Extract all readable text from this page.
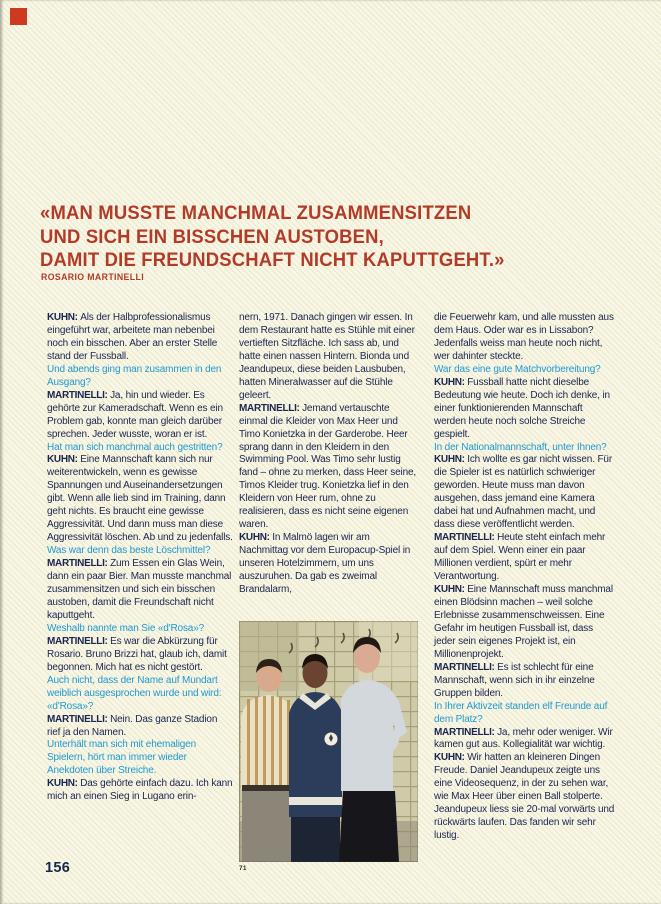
«MAN MUSSTE MANCHMAL ZUSAMMENSITZEN
UND SICH EIN BISSCHEN AUSTOBEN,
DAMIT DIE FREUNDSCHAFT NICHT KAPUTTGEHT.»
ROSARIO MARTINELLI

KUHN: Als der Halbprofessionalismus eingeführt war, arbeitete man nebenbei noch ein bisschen. Aber an erster Stelle stand der Fussball.

Und abends ging man zusammen in den Ausgang?

MARTINELLI: Ja, hin und wieder. Es gehörte zur Kameradschaft. Wenn es ein Problem gab, konnte man gleich darüber sprechen. Jeder wusste, woran er ist.

Hat man sich manchmal auch gestritten?

KUHN: Eine Mannschaft kann sich nur weiterentwickeln, wenn es gewisse Spannungen und Auseinandersetzungen gibt. Wenn alle lieb sind im Training, dann geht nichts. Es braucht eine gewisse Aggressivität. Und dann muss man diese Aggressivität löschen. Ab und zu jedenfalls.

Was war denn das beste Löschmittel?

MARTINELLI: Zum Essen ein Glas Wein, dann ein paar Bier. Man musste manchmal zusammensitzen und sich ein bisschen austoben, damit die Freundschaft nicht kaputtgeht.

Weshalb nannte man Sie «d'Rosa»?

MARTINELLI: Es war die Abkürzung für Rosario. Bruno Brizzi hat, glaub ich, damit begonnen. Mich hat es nicht gestört.

Auch nicht, dass der Name auf Mundart weiblich ausgesprochen wurde und wird: «d'Rosa»?

MARTINELLI: Nein. Das ganze Stadion rief ja den Namen.

Unterhält man sich mit ehemaligen Spielern, hört man immer wieder Anekdoten über Streiche.

KUHN: Das gehörte einfach dazu. Ich kann mich an einen Sieg in Lugano erin-

nern, 1971. Danach gingen wir essen. In dem Restaurant hatte es Stühle mit einer vertieften Sitzfläche. Ich sass ab, und hatte einen nassen Hintern. Bionda und Jeandupeux, diese beiden Lausbuben, hatten Mineralwasser auf die Stühle geleert.

MARTINELLI: Jemand vertauschte einmal die Kleider von Max Heer und Timo Konietzka in der Garderobe. Heer sprang dann in den Kleidern in den Swimming Pool. Was Timo sehr lustig fand – ohne zu merken, dass Heer seine, Timos Kleider trug. Konietzka lief in den Kleidern von Heer rum, ohne zu realisieren, dass es nicht seine eigenen waren.

KUHN: In Malmö lagen wir am Nachmittag vor dem Europacup-Spiel in unseren Hotelzimmern, um uns auszuruhen. Da gab es zweimal Brandalarm,

71

die Feuerwehr kam, und alle mussten aus dem Haus. Oder war es in Lissabon? Jedenfalls weiss man heute noch nicht, wer dahinter steckte.

War das eine gute Matchvorbereitung?

KUHN: Fussball hatte nicht dieselbe Bedeutung wie heute. Doch ich denke, in einer funktionierenden Mannschaft werden heute noch solche Streiche gespielt.

In der Nationalmannschaft, unter Ihnen?

KUHN: Ich wollte es gar nicht wissen. Für die Spieler ist es natürlich schwieriger geworden. Heute muss man davon ausgehen, dass jemand eine Kamera dabei hat und Aufnahmen macht, und dass diese veröffentlicht werden.

MARTINELLI: Heute steht einfach mehr auf dem Spiel. Wenn einer ein paar Millionen verdient, spürt er mehr Verantwortung.

KUHN: Eine Mannschaft muss manchmal einen Blödsinn machen – weil solche Erlebnisse zusammenschweissen. Eine Gefahr im heutigen Fussball ist, dass jeder sein eigenes Projekt ist, ein Millionenprojekt.

MARTINELLI: Es ist schlecht für eine Mannschaft, wenn sich in ihr einzelne Gruppen bilden.

In Ihrer Aktivzeit standen elf Freunde auf dem Platz?

MARTINELLI: Ja, mehr oder weniger. Wir kamen gut aus. Kollegialität war wichtig.

KUHN: Wir hatten an kleineren Dingen Freude. Daniel Jeandupeux zeigte uns eine Videosequenz, in der zu sehen war, wie Max Heer über einen Ball stolperte. Jeandupeux liess sie 20-mal vorwärts und rückwärts laufen. Das fanden wir sehr lustig.

156
